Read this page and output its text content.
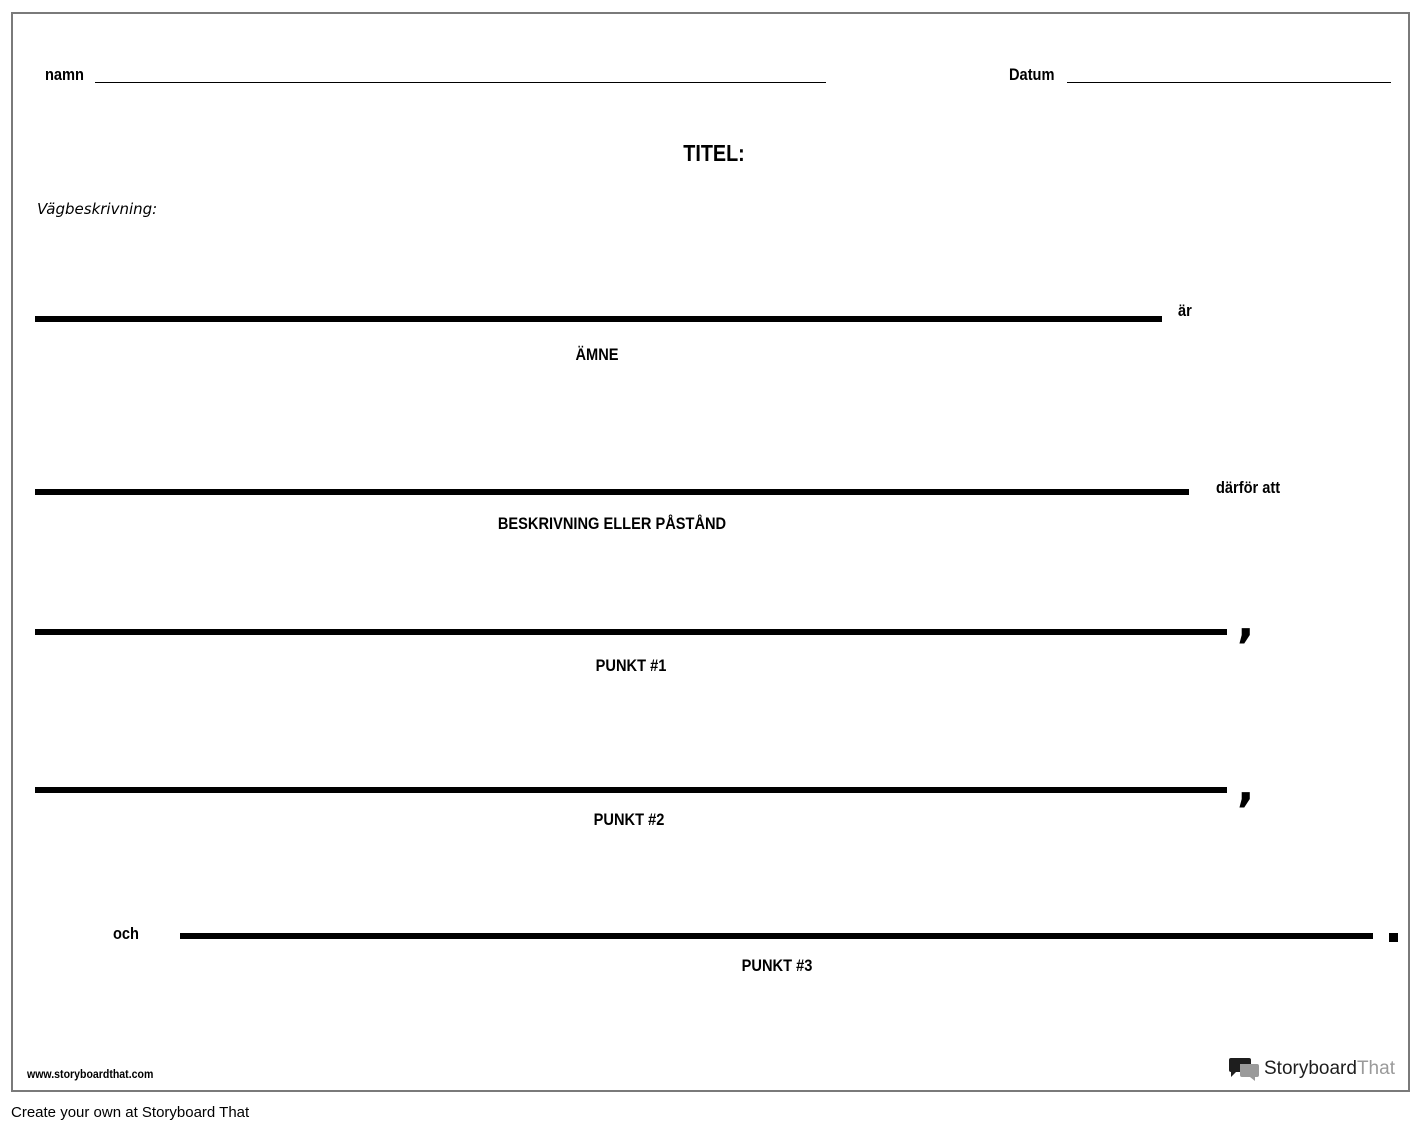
namn	Datum
TITEL:
Vägbeskrivning:
är
ÄMNE
därför att
BESKRIVNING ELLER PÅSTÅND
,
PUNKT #1
,
PUNKT #2
och
PUNKT #3
www.storyboardthat.com	StoryboardThat
Create your own at Storyboard That
